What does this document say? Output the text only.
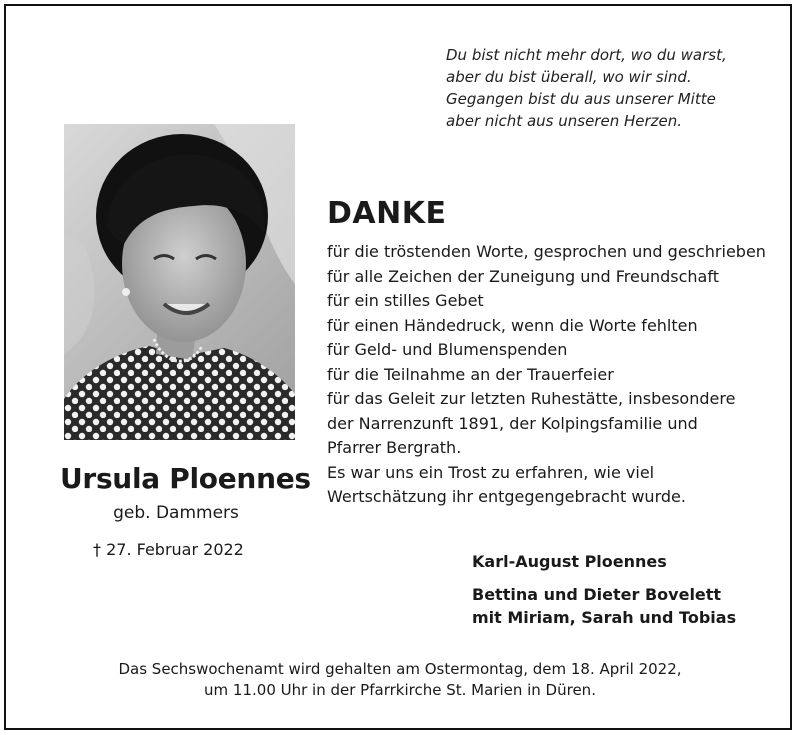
Du bist nicht mehr dort, wo du warst,
aber du bist überall, wo wir sind.
Gegangen bist du aus unserer Mitte
aber nicht aus unseren Herzen.
Ursula Ploennes
geb. Dammers
† 27. Februar 2022
DANKE
für die tröstenden Worte, gesprochen und geschrieben
für alle Zeichen der Zuneigung und Freundschaft
für ein stilles Gebet
für einen Händedruck, wenn die Worte fehlten
für Geld- und Blumenspenden
für die Teilnahme an der Trauerfeier
für das Geleit zur letzten Ruhestätte, insbesondere
der Narrenzunft 1891, der Kolpingsfamilie und
Pfarrer Bergrath.
Es war uns ein Trost zu erfahren, wie viel
Wertschätzung ihr entgegengebracht wurde.
Karl-August Ploennes
Bettina und Dieter Bovelett
mit Miriam, Sarah und Tobias
Das Sechswochenamt wird gehalten am Ostermontag, dem 18. April 2022,
um 11.00 Uhr in der Pfarrkirche St. Marien in Düren.
